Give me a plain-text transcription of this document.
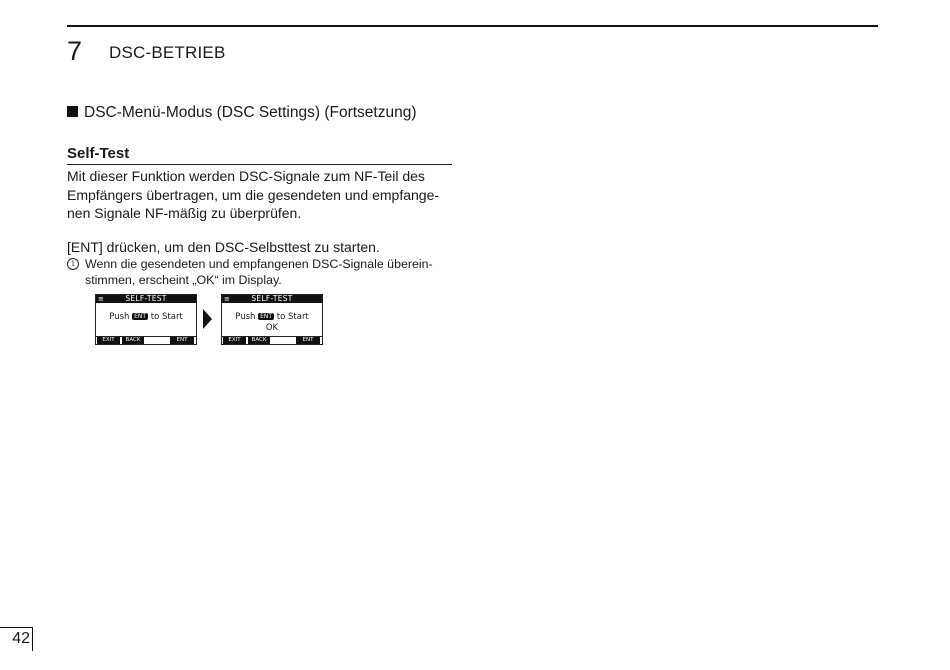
7 DSC-BETRIEB
DSC-Menü-Modus (DSC Settings) (Fortsetzung)
Self-Test
Mit dieser Funktion werden DSC-Signale zum NF-Teil des Empfängers übertragen, um die gesendeten und empfange-nen Signale NF-mäßig zu überprüfen.
[ENT] drücken, um den DSC-Selbsttest zu starten.
i Wenn die gesendeten und empfangenen DSC-Signale überein-stimmen, erscheint „OK“ im Display.
SELF-TEST
≡
Push ENT to Start
EXIT	BACK	ENT
SELF-TEST
≡
Push ENT to Start
OK
EXIT	BACK	ENT
42
